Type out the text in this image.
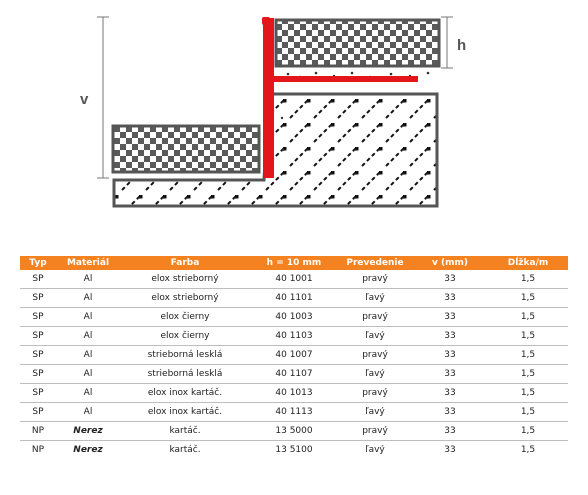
v
h
Typ	Materiál	Farba	h = 10 mm	Prevedenie	v (mm)	Dĺžka/m
SP	Al	elox strieborný	40 1001	pravý	33	1,5
SP	Al	elox strieborný	40 1101	ľavý	33	1,5
SP	Al	elox čierny	40 1003	pravý	33	1,5
SP	Al	elox čierny	40 1103	ľavý	33	1,5
SP	Al	strieborná lesklá	40 1007	pravý	33	1,5
SP	Al	strieborná lesklá	40 1107	ľavý	33	1,5
SP	Al	elox inox kartáč.	40 1013	pravý	33	1,5
SP	Al	elox inox kartáč.	40 1113	ľavý	33	1,5
NP	Nerez	kartáč.	13 5000	pravý	33	1,5
NP	Nerez	kartáč.	13 5100	ľavý	33	1,5
